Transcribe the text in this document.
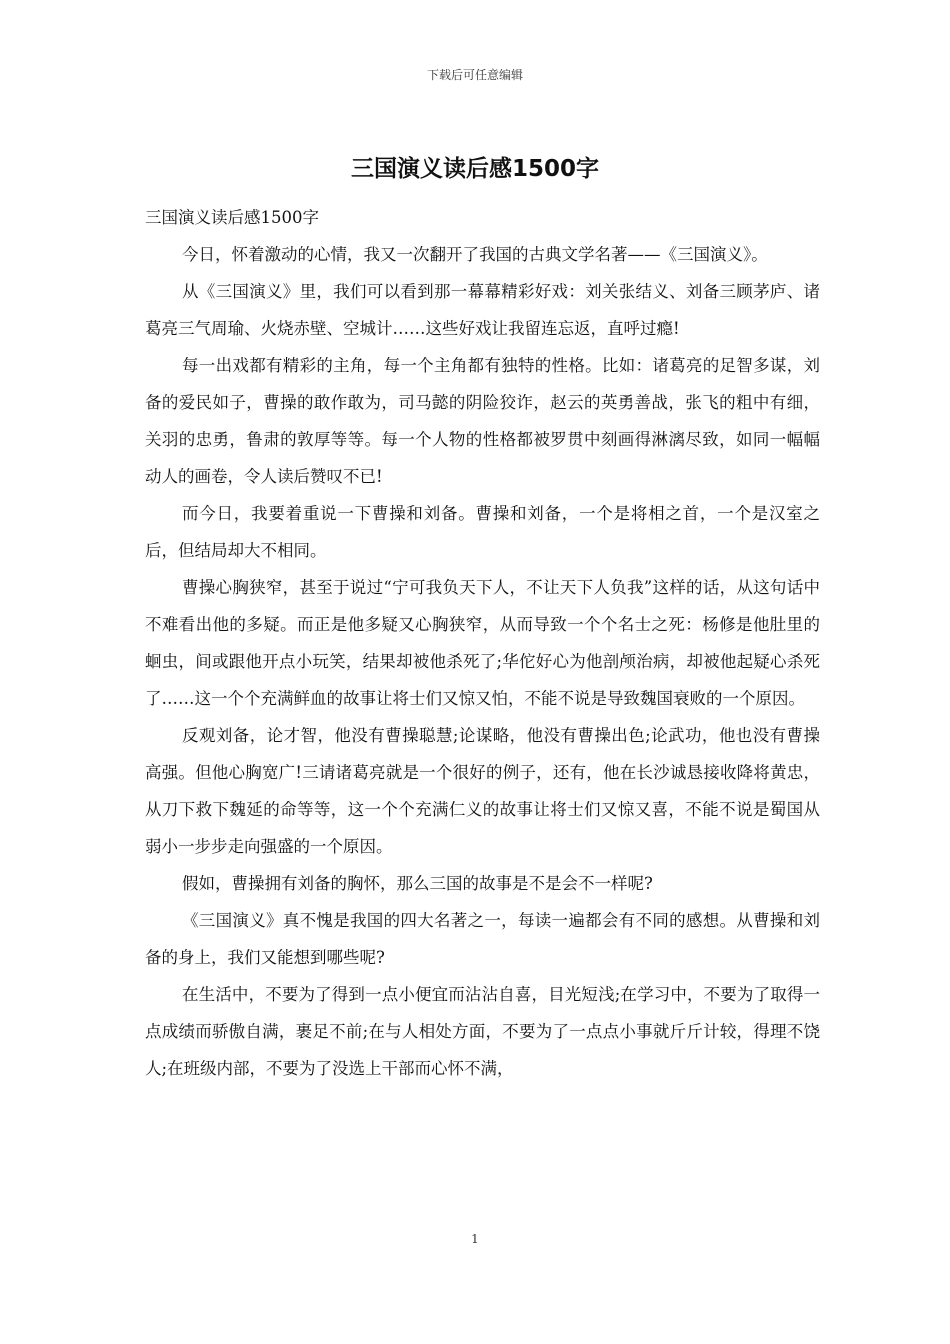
下载后可任意编辑
三国演义读后感1500字

三国演义读后感1500字

今日，怀着激动的心情，我又一次翻开了我国的古典文学名著——《三国演义》。

从《三国演义》里，我们可以看到那一幕幕精彩好戏：刘关张结义、刘备三顾茅庐、诸葛亮三气周瑜、火烧赤壁、空城计……这些好戏让我留连忘返，直呼过瘾!

每一出戏都有精彩的主角，每一个主角都有独特的性格。比如：诸葛亮的足智多谋，刘备的爱民如子，曹操的敢作敢为，司马懿的阴险狡诈，赵云的英勇善战，张飞的粗中有细，关羽的忠勇，鲁肃的敦厚等等。每一个人物的性格都被罗贯中刻画得淋漓尽致，如同一幅幅动人的画卷，令人读后赞叹不已!

而今日，我要着重说一下曹操和刘备。曹操和刘备，一个是将相之首，一个是汉室之后，但结局却大不相同。

曹操心胸狭窄，甚至于说过“宁可我负天下人，不让天下人负我”这样的话，从这句话中不难看出他的多疑。而正是他多疑又心胸狭窄，从而导致一个个名士之死：杨修是他肚里的蛔虫，间或跟他开点小玩笑，结果却被他杀死了;华佗好心为他剖颅治病，却被他起疑心杀死了……这一个个充满鲜血的故事让将士们又惊又怕，不能不说是导致魏国衰败的一个原因。

反观刘备，论才智，他没有曹操聪慧;论谋略，他没有曹操出色;论武功，他也没有曹操高强。但他心胸宽广!三请诸葛亮就是一个很好的例子，还有，他在长沙诚恳接收降将黄忠，从刀下救下魏延的命等等，这一个个充满仁义的故事让将士们又惊又喜，不能不说是蜀国从弱小一步步走向强盛的一个原因。

假如，曹操拥有刘备的胸怀，那么三国的故事是不是会不一样呢?

《三国演义》真不愧是我国的四大名著之一，每读一遍都会有不同的感想。从曹操和刘备的身上，我们又能想到哪些呢?

在生活中，不要为了得到一点小便宜而沾沾自喜，目光短浅;在学习中，不要为了取得一点成绩而骄傲自满，裹足不前;在与人相处方面，不要为了一点点小事就斤斤计较，得理不饶人;在班级内部，不要为了没选上干部而心怀不满，

1
